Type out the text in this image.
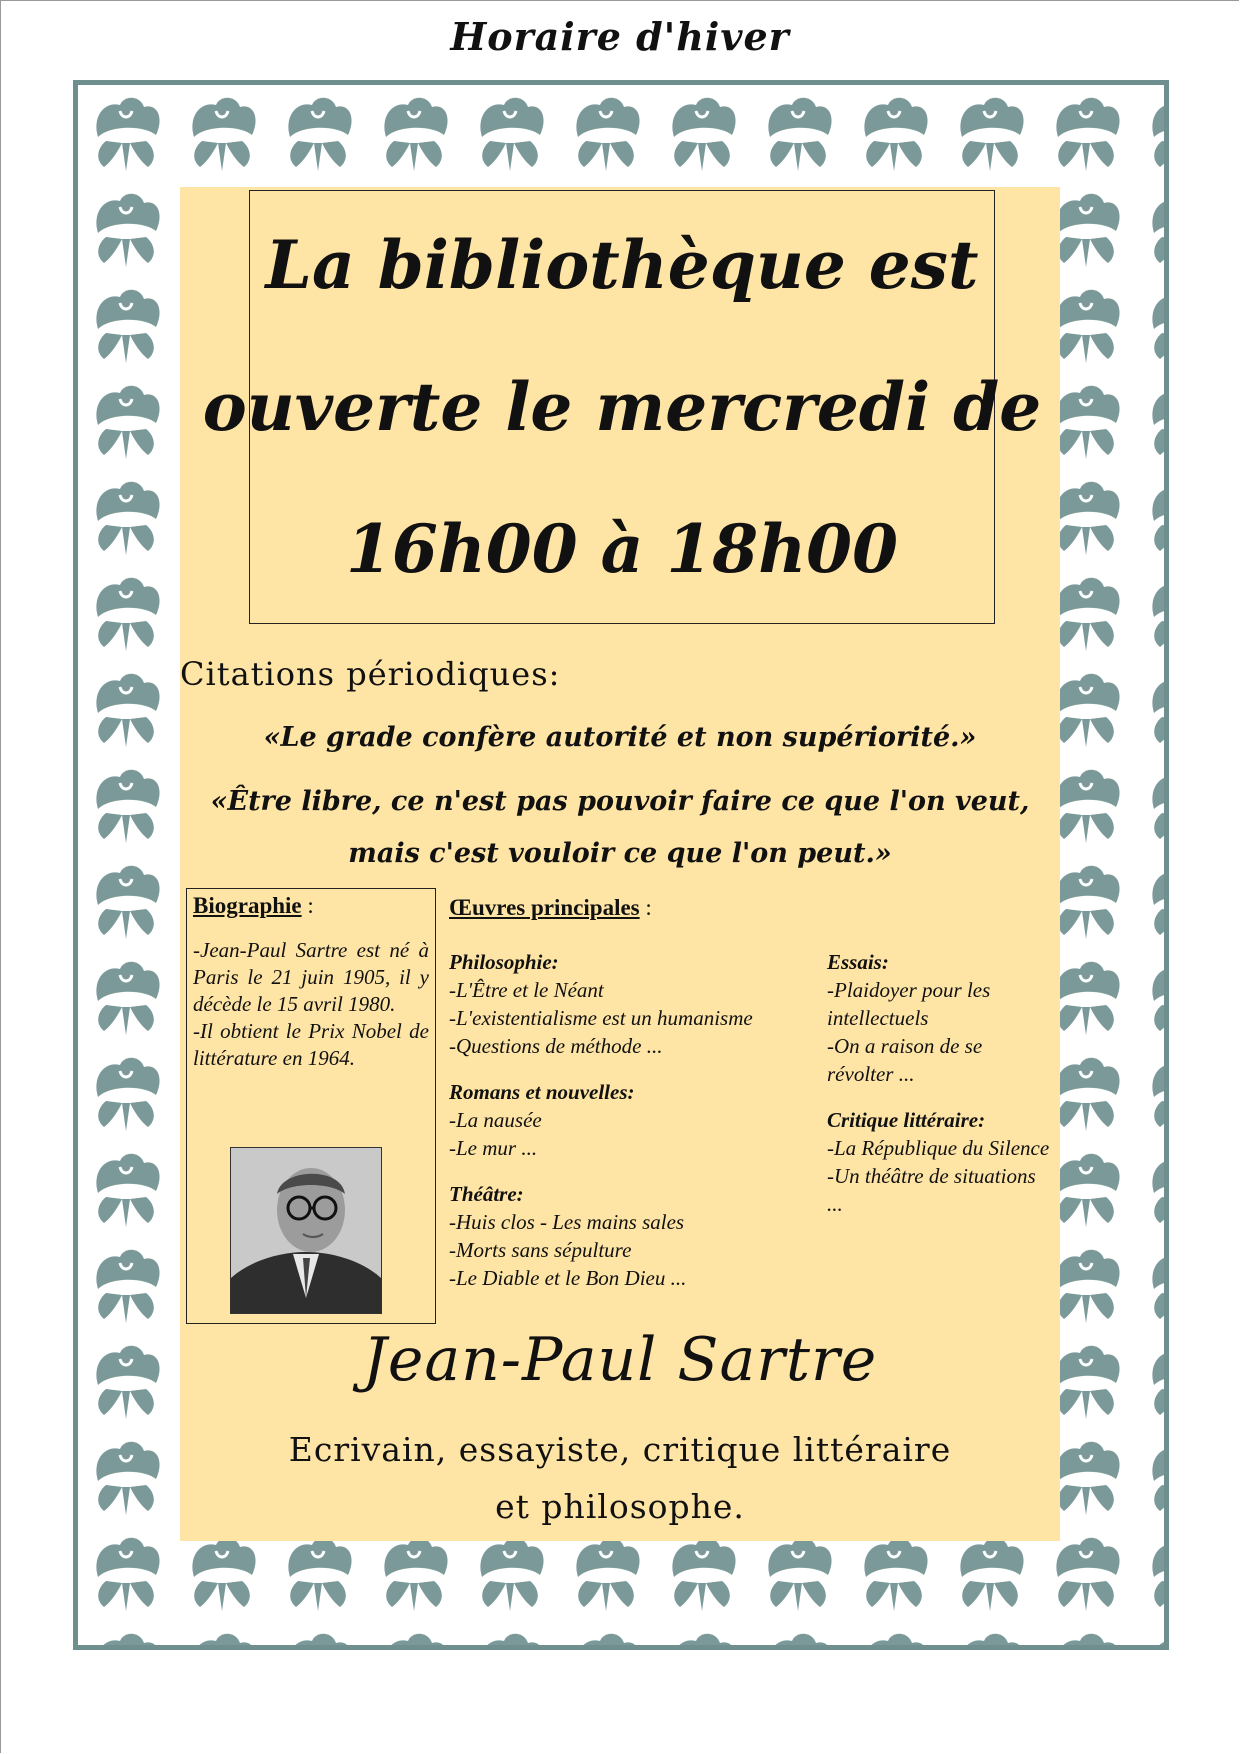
Horaire d'hiver
La bibliothèque est
ouverte le mercredi de
16h00 à 18h00
Citations périodiques:
«Le grade confère autorité et non supériorité.»
«Être libre, ce n'est pas pouvoir faire ce que l'on veut,
mais c'est vouloir ce que l'on peut.»
Biographie :
-Jean-Paul Sartre est né à Paris le 21 juin 1905, il y décède le 15 avril 1980.
-Il obtient le Prix Nobel de littérature en 1964.
Œuvres principales :
Philosophie:
-L'Être et le Néant
-L'existentialisme est un humanisme
-Questions de méthode ...
Romans et nouvelles:
-La nausée
-Le mur ...
Théâtre:
-Huis clos - Les mains sales
-Morts sans sépulture
-Le Diable et le Bon Dieu ...
Essais:
-Plaidoyer pour les intellectuels
-On a raison de se révolter ...
Critique littéraire:
-La République du Silence
-Un théâtre de situations ...
Jean-Paul Sartre
Ecrivain, essayiste, critique littéraire
et philosophe.
